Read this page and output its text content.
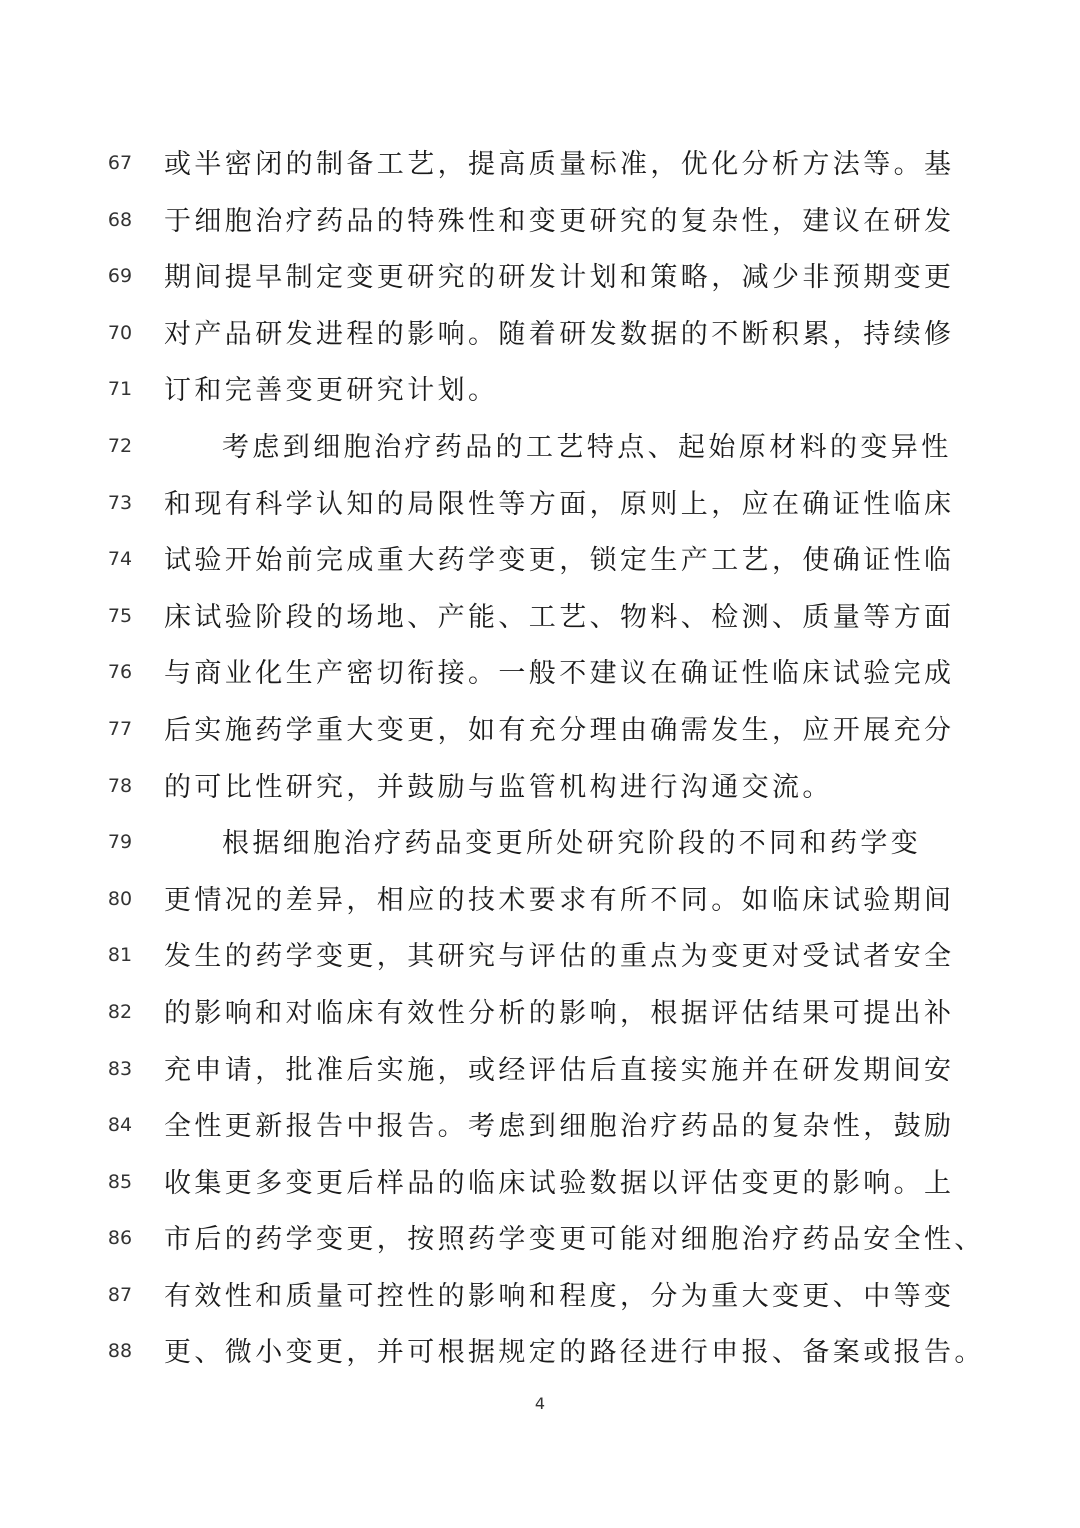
67	或半密闭的制备工艺，提高质量标准，优化分析方法等。基
68	于细胞治疗药品的特殊性和变更研究的复杂性，建议在研发
69	期间提早制定变更研究的研发计划和策略，减少非预期变更
70	对产品研发进程的影响。随着研发数据的不断积累，持续修
71	订和完善变更研究计划。
72	考虑到细胞治疗药品的工艺特点、起始原材料的变异性
73	和现有科学认知的局限性等方面，原则上，应在确证性临床
74	试验开始前完成重大药学变更，锁定生产工艺，使确证性临
75	床试验阶段的场地、产能、工艺、物料、检测、质量等方面
76	与商业化生产密切衔接。一般不建议在确证性临床试验完成
77	后实施药学重大变更，如有充分理由确需发生，应开展充分
78	的可比性研究，并鼓励与监管机构进行沟通交流。
79	根据细胞治疗药品变更所处研究阶段的不同和药学变
80	更情况的差异，相应的技术要求有所不同。如临床试验期间
81	发生的药学变更，其研究与评估的重点为变更对受试者安全
82	的影响和对临床有效性分析的影响，根据评估结果可提出补
83	充申请，批准后实施，或经评估后直接实施并在研发期间安
84	全性更新报告中报告。考虑到细胞治疗药品的复杂性，鼓励
85	收集更多变更后样品的临床试验数据以评估变更的影响。上
86	市后的药学变更，按照药学变更可能对细胞治疗药品安全性、
87	有效性和质量可控性的影响和程度，分为重大变更、中等变
88	更、微小变更，并可根据规定的路径进行申报、备案或报告。
4
